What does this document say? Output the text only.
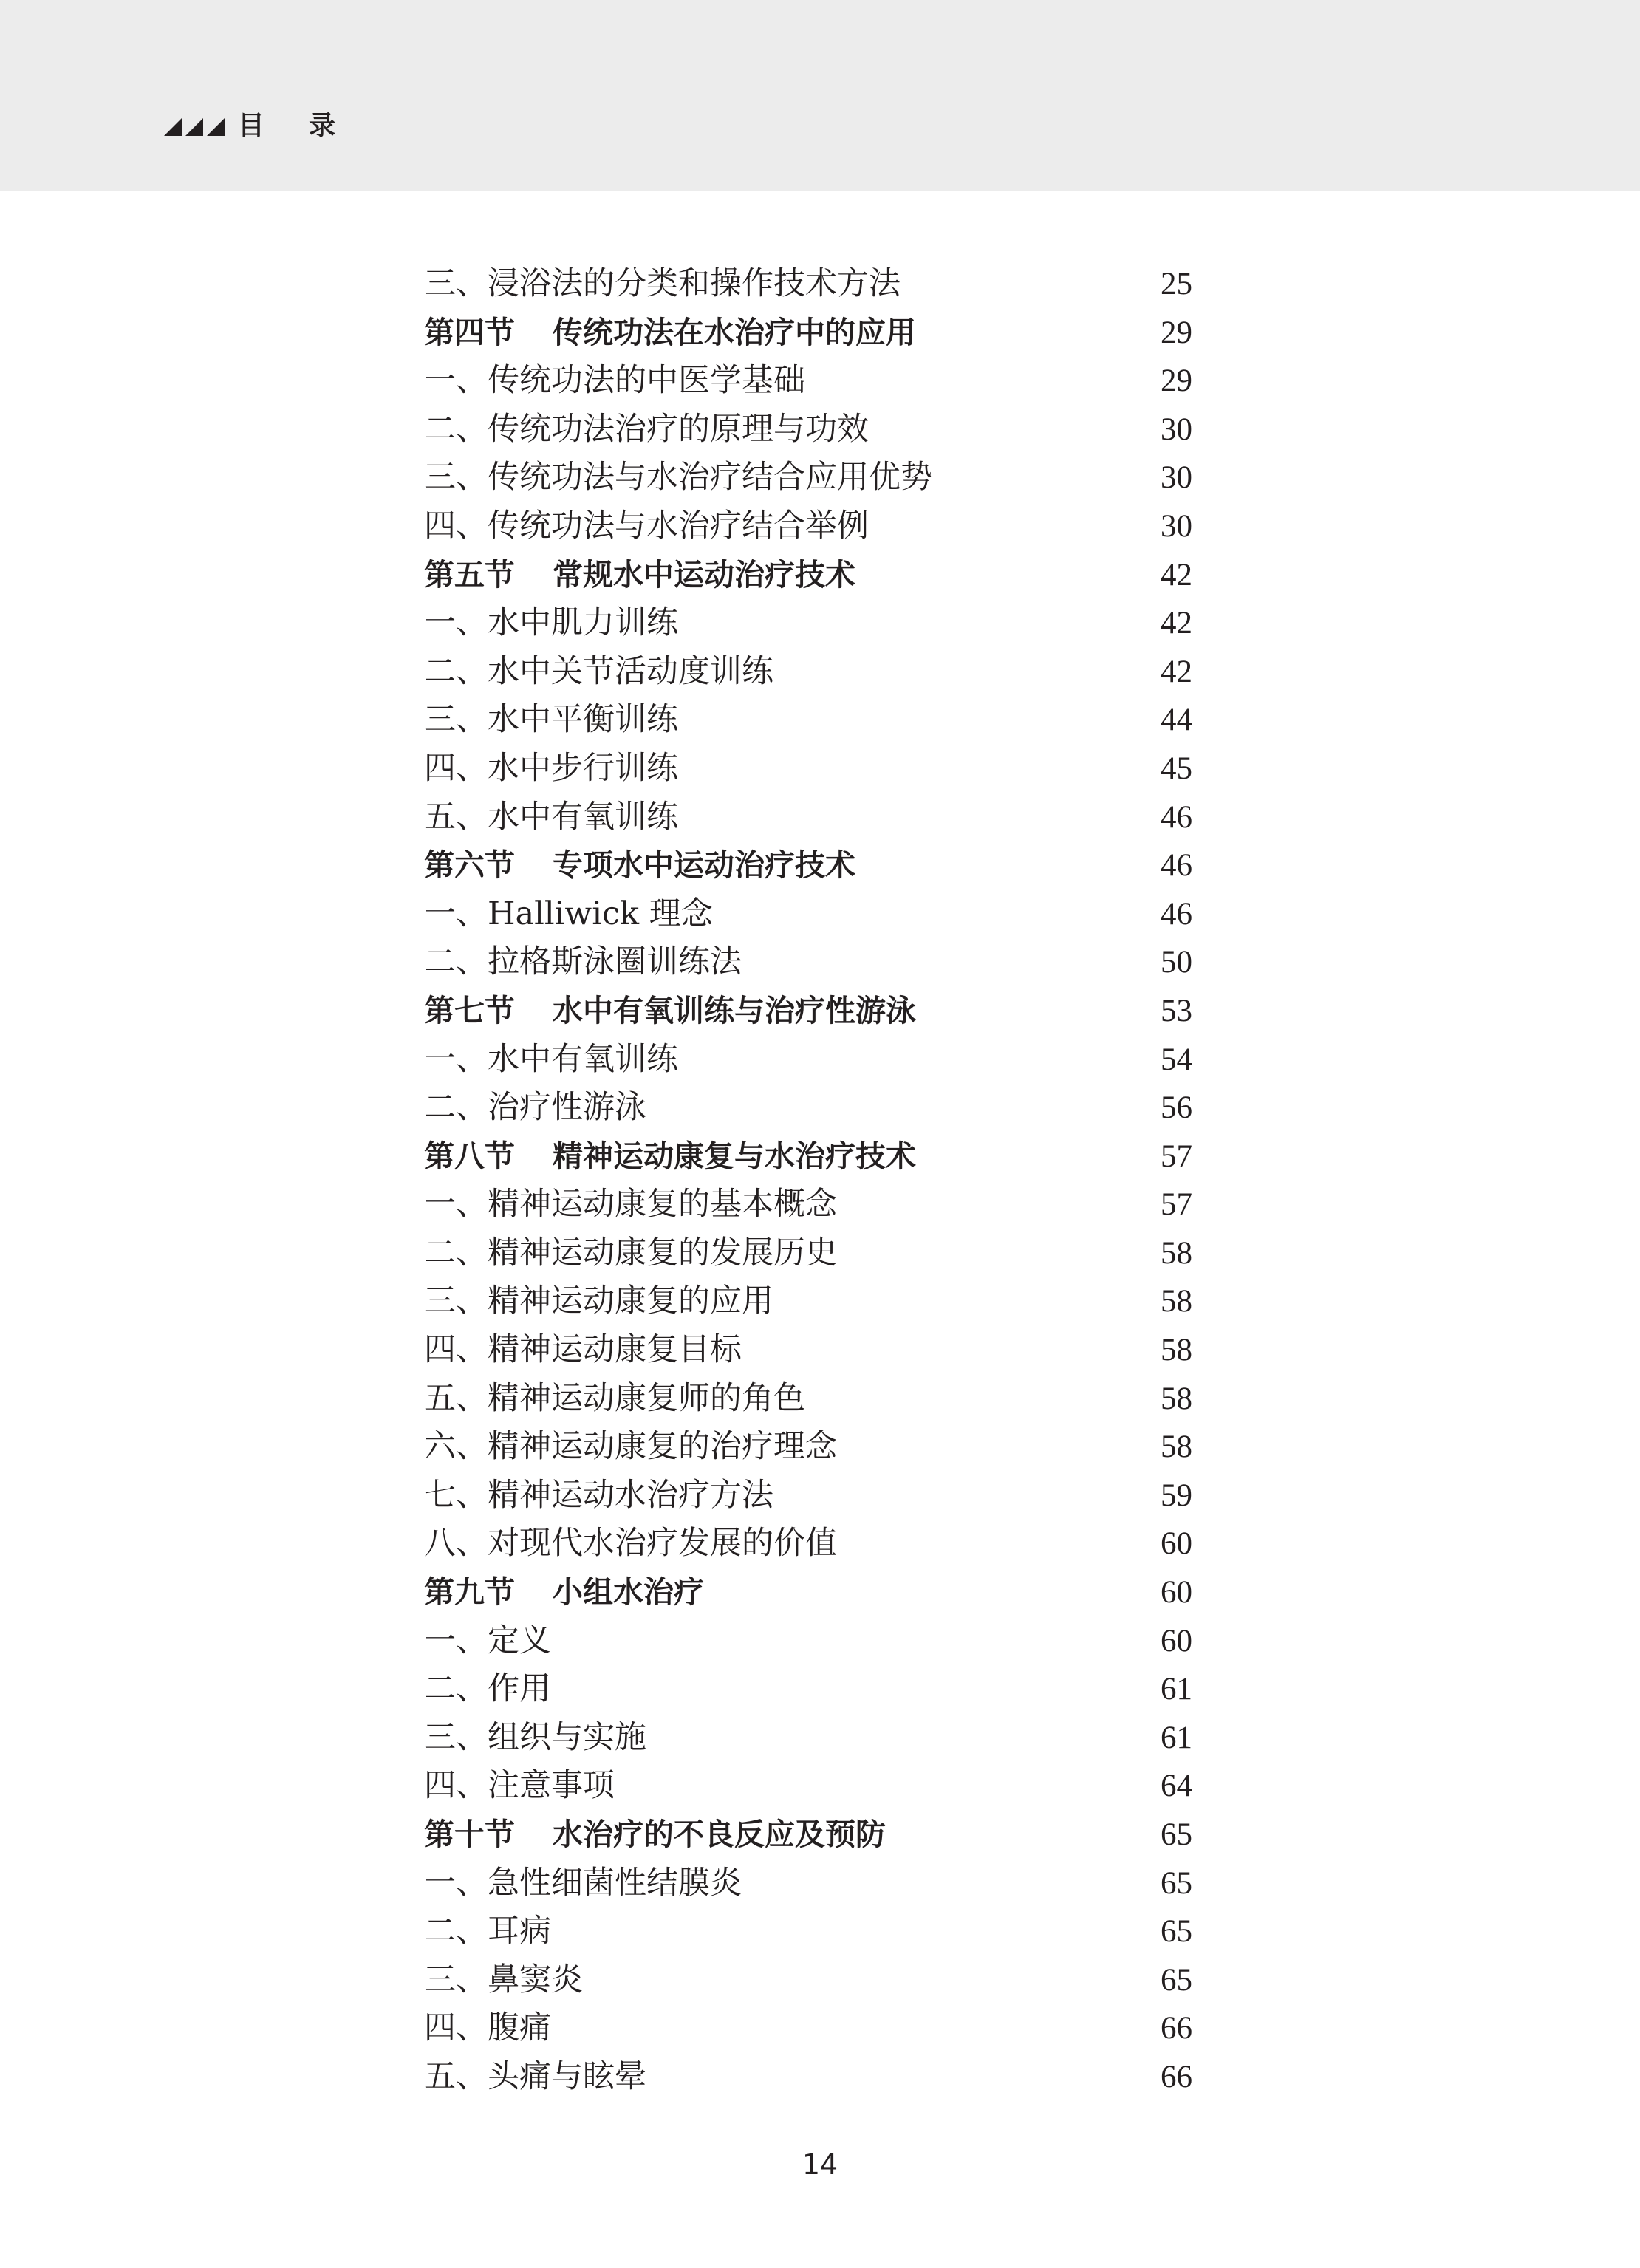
目录
三、浸浴法的分类和操作技术方法	25
第四节 传统功法在水治疗中的应用	29
一、传统功法的中医学基础	29
二、传统功法治疗的原理与功效	30
三、传统功法与水治疗结合应用优势	30
四、传统功法与水治疗结合举例	30
第五节 常规水中运动治疗技术	42
一、水中肌力训练	42
二、水中关节活动度训练	42
三、水中平衡训练	44
四、水中步行训练	45
五、水中有氧训练	46
第六节 专项水中运动治疗技术	46
一、Halliwick 理念	46
二、拉格斯泳圈训练法	50
第七节 水中有氧训练与治疗性游泳	53
一、水中有氧训练	54
二、治疗性游泳	56
第八节 精神运动康复与水治疗技术	57
一、精神运动康复的基本概念	57
二、精神运动康复的发展历史	58
三、精神运动康复的应用	58
四、精神运动康复目标	58
五、精神运动康复师的角色	58
六、精神运动康复的治疗理念	58
七、精神运动水治疗方法	59
八、对现代水治疗发展的价值	60
第九节 小组水治疗	60
一、定义	60
二、作用	61
三、组织与实施	61
四、注意事项	64
第十节 水治疗的不良反应及预防	65
一、急性细菌性结膜炎	65
二、耳病	65
三、鼻窦炎	65
四、腹痛	66
五、头痛与眩晕	66
14
